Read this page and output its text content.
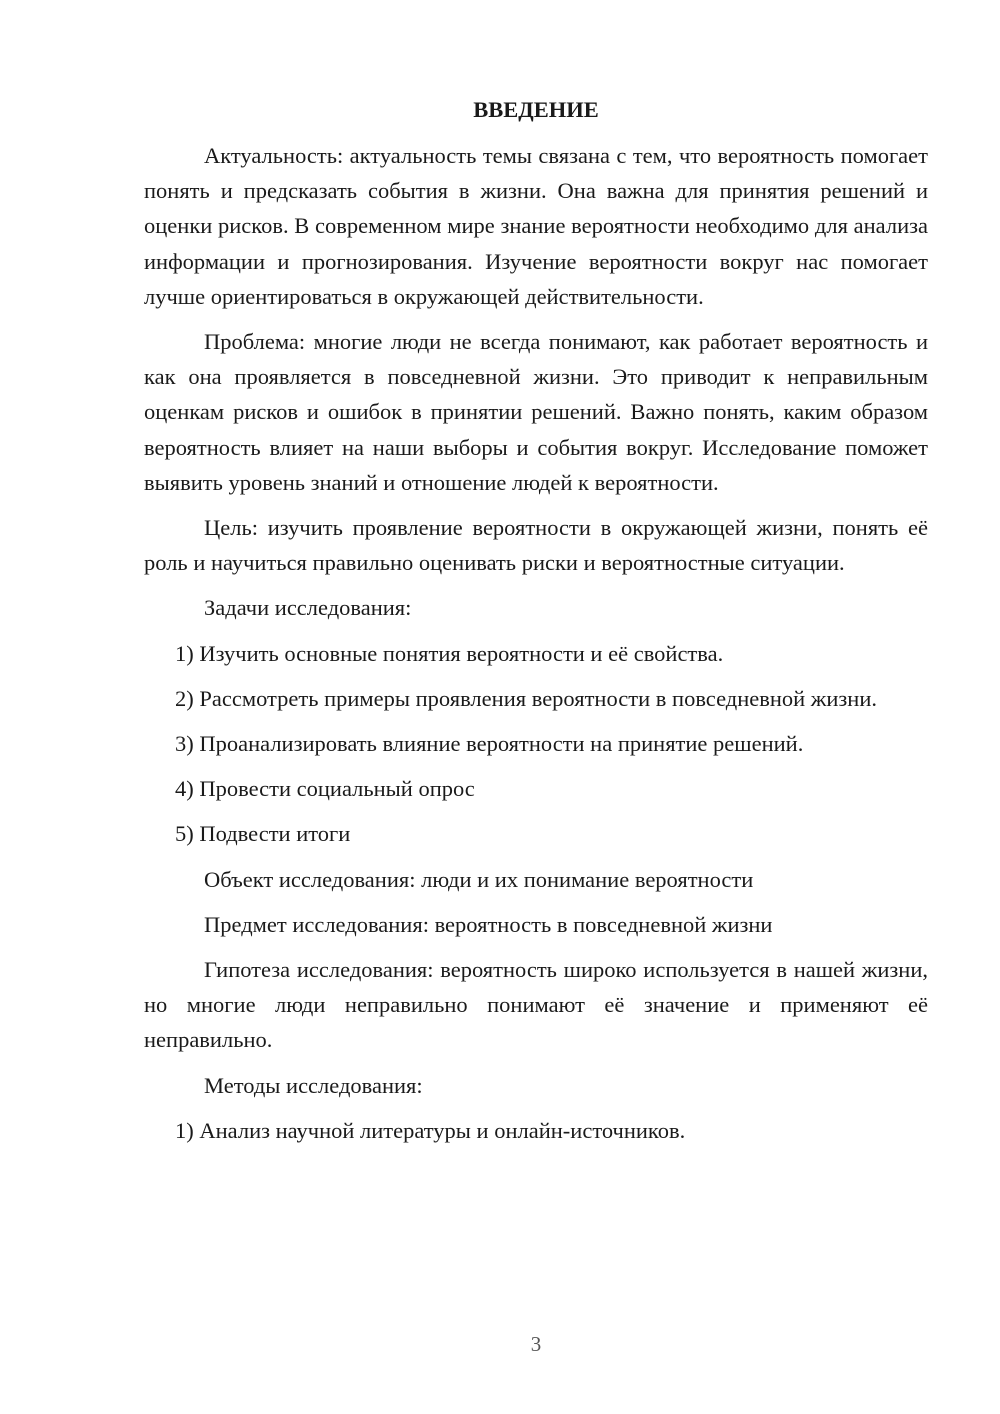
ВВЕДЕНИЕ
Актуальность: актуальность темы связана с тем, что вероятность помогает понять и предсказать события в жизни. Она важна для принятия решений и оценки рисков. В современном мире знание вероятности необходимо для анализа информации и прогнозирования. Изучение вероятности вокруг нас помогает лучше ориентироваться в окружающей действительности.
Проблема: многие люди не всегда понимают, как работает вероятность и как она проявляется в повседневной жизни. Это приводит к неправильным оценкам рисков и ошибок в принятии решений. Важно понять, каким образом вероятность влияет на наши выборы и события вокруг. Исследование поможет выявить уровень знаний и отношение людей к вероятности.
Цель: изучить проявление вероятности в окружающей жизни, понять её роль и научиться правильно оценивать риски и вероятностные ситуации.
Задачи исследования:
1) Изучить основные понятия вероятности и её свойства.
2) Рассмотреть примеры проявления вероятности в повседневной жизни.
3) Проанализировать влияние вероятности на принятие решений.
4) Провести социальный опрос
5) Подвести итоги
Объект исследования: люди и их понимание вероятности
Предмет исследования: вероятность в повседневной жизни
Гипотеза исследования: вероятность широко используется в нашей жизни, но многие люди неправильно понимают её значение и применяют её неправильно.
Методы исследования:
1) Анализ научной литературы и онлайн-источников.
3
